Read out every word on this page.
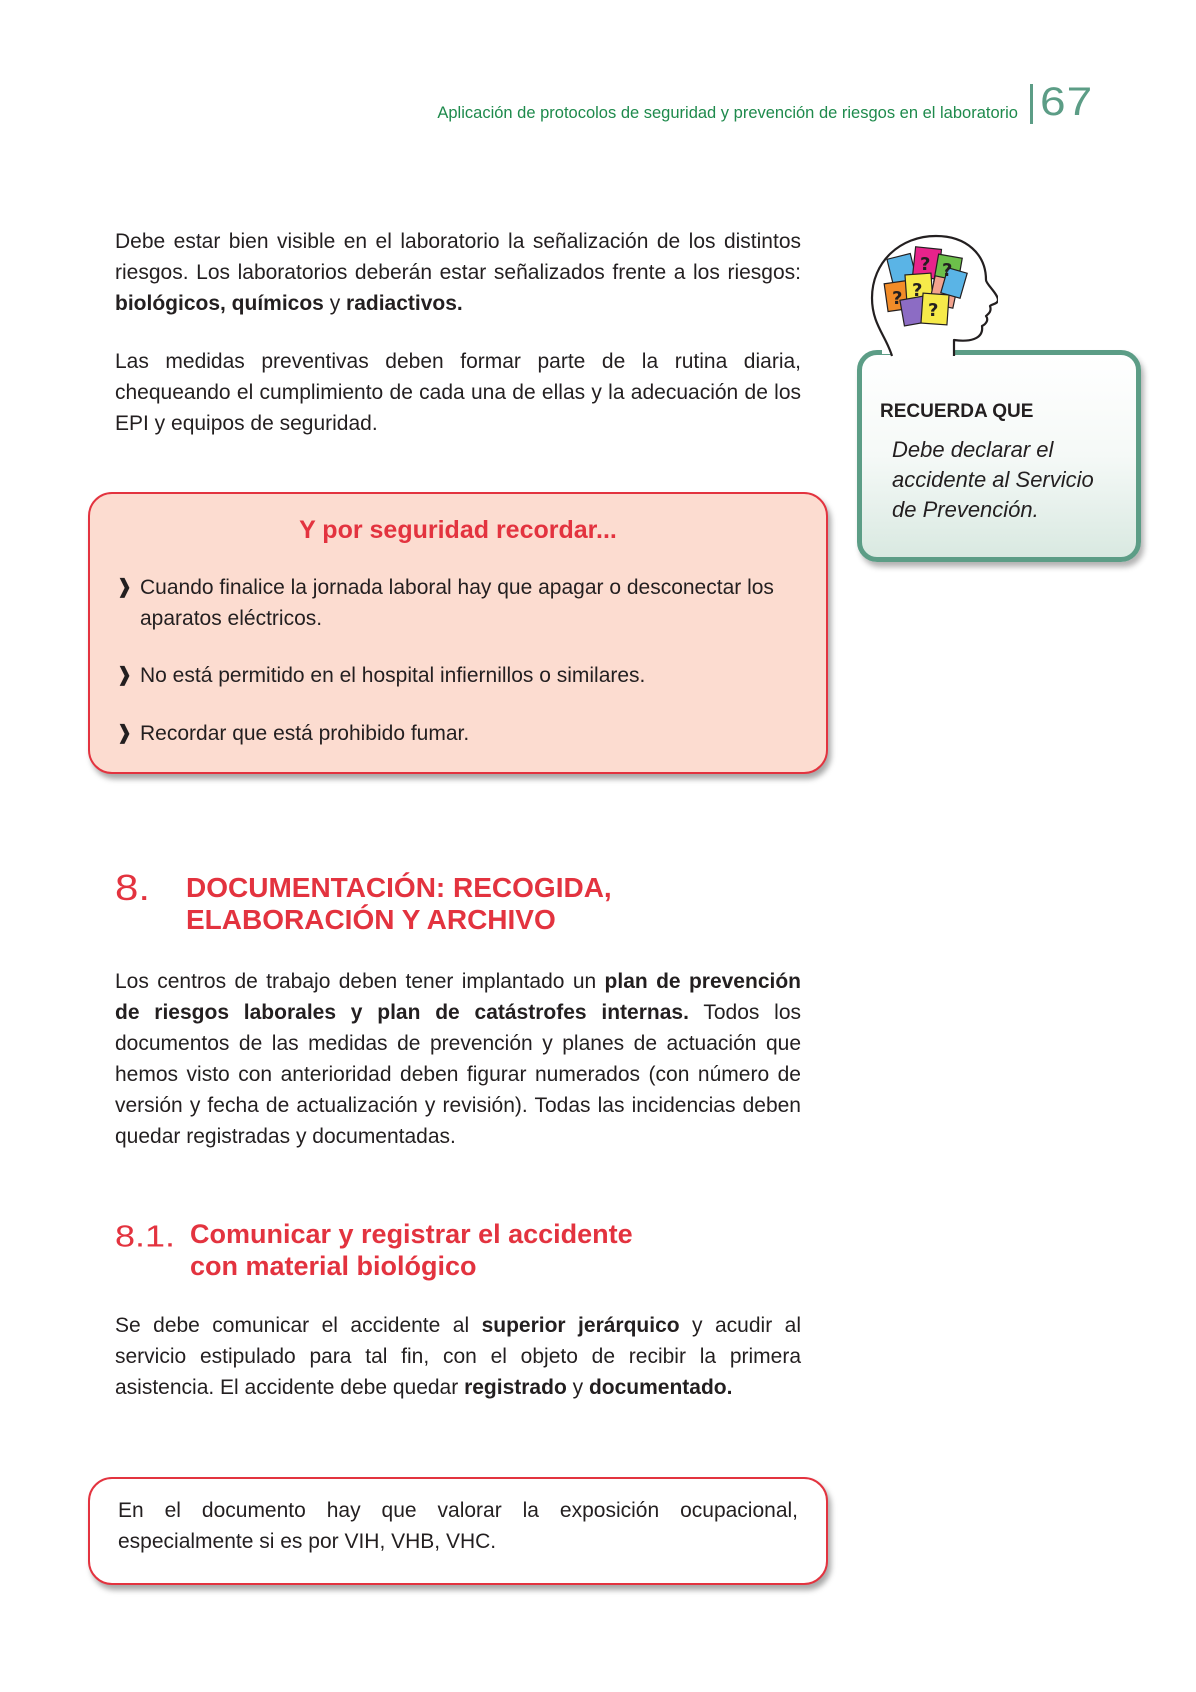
Aplicación de protocolos de seguridad y prevención de riesgos en el laboratorio 67

Debe estar bien visible en el laboratorio la señalización de los distintos riesgos. Los laboratorios deberán estar señalizados frente a los riesgos: biológicos, químicos y radiactivos.

Las medidas preventivas deben formar parte de la rutina diaria, chequeando el cumplimiento de cada una de ellas y la adecuación de los EPI y equipos de seguridad.

RECUERDA QUE
Debe declarar el accidente al Servicio de Prevención.
? ?
?
?
?
Y por seguridad recordar...
❱ Cuando finalice la jornada laboral hay que apagar o desconectar los aparatos eléctricos.
❱ No está permitido en el hospital infiernillos o similares.
❱ Recordar que está prohibido fumar.
8. DOCUMENTACIÓN: RECOGIDA,
ELABORACIÓN Y ARCHIVO

Los centros de trabajo deben tener implantado un plan de prevención de riesgos laborales y plan de catástrofes internas. Todos los documentos de las medidas de prevención y planes de actuación que hemos visto con anterioridad deben figurar numerados (con número de versión y fecha de actualización y revisión). Todas las incidencias deben quedar registradas y documentadas.

8.1. Comunicar y registrar el accidente
con material biológico

Se debe comunicar el accidente al superior jerárquico y acudir al servicio estipulado para tal fin, con el objeto de recibir la primera asistencia. El accidente debe quedar registrado y documentado.

En el documento hay que valorar la exposición ocupacional, especialmente si es por VIH, VHB, VHC.
